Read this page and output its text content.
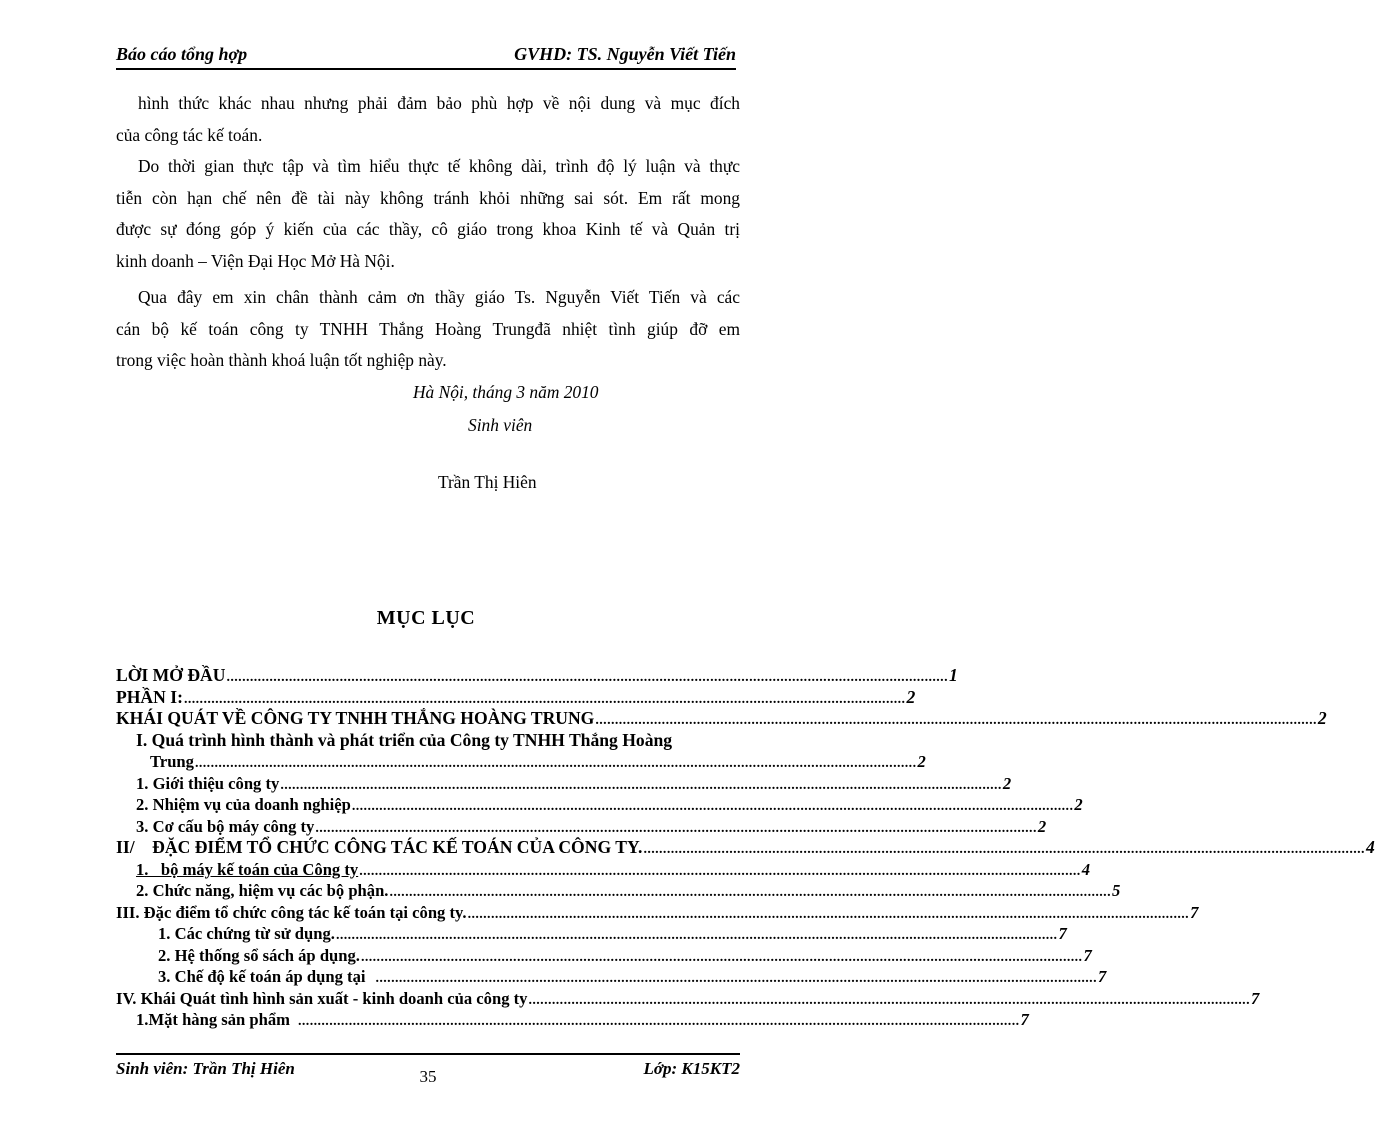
Báo cáo tổng hợp	GVHD: TS. Nguyễn Viết Tiến
hình thức khác nhau nhưng phải đảm bảo phù hợp về nội dung và mục đích
của công tác kế toán.
Do thời gian thực tập và tìm hiểu thực tế không dài, trình độ lý luận và thực
tiễn còn hạn chế nên đề tài này không tránh khỏi những sai sót. Em rất mong
được sự đóng góp ý kiến của các thầy, cô giáo trong khoa Kinh tế và Quản trị
kinh doanh – Viện Đại Học Mở Hà Nội.
Qua đây em xin chân thành cảm ơn thầy giáo Ts. Nguyễn Viết Tiến và các
cán bộ kế toán công ty TNHH Thắng Hoàng Trungđã nhiệt tình giúp đỡ em
trong việc hoàn thành khoá luận tốt nghiệp này.
Hà Nội, tháng 3 năm 2010
Sinh viên
Trần Thị Hiên
MỤC LỤC
LỜI MỞ ĐẦU ......................................................................................................................................................................................... 1
PHẦN I: ......................................................................................................................................................................................... 2
KHÁI QUÁT VỀ CÔNG TY TNHH THẮNG HOÀNG TRUNG ......................................................................................................................................................................................... 2
I. Quá trình hình thành và phát triển của Công ty TNHH Thắng Hoàng
Trung ......................................................................................................................................................................................... 2
1. Giới thiệu công ty ......................................................................................................................................................................................... 2
2. Nhiệm vụ của doanh nghiệp ......................................................................................................................................................................................... 2
3. Cơ cấu bộ máy công ty ......................................................................................................................................................................................... 2
II/    ĐẶC ĐIỂM TỔ CHỨC CÔNG TÁC KẾ TOÁN CỦA CÔNG TY. ......................................................................................................................................................................................... 4
1.   bộ máy kế toán của Công ty ......................................................................................................................................................................................... 4
2. Chức năng, hiệm vụ các bộ phận. ......................................................................................................................................................................................... 5
III. Đặc điểm tổ chức công tác kế toán tại công ty. ......................................................................................................................................................................................... 7
1. Các chứng từ sử dụng. ......................................................................................................................................................................................... 7
2. Hệ thống sổ sách áp dụng. ......................................................................................................................................................................................... 7
3. Chế độ kế toán áp dụng tại ......................................................................................................................................................................................... 7
IV. Khái Quát tình hình sản xuất - kinh doanh của công ty ......................................................................................................................................................................................... 7
1.Mặt hàng sản phẩm ......................................................................................................................................................................................... 7
Sinh viên: Trần Thị Hiên	35	Lớp: K15KT2
